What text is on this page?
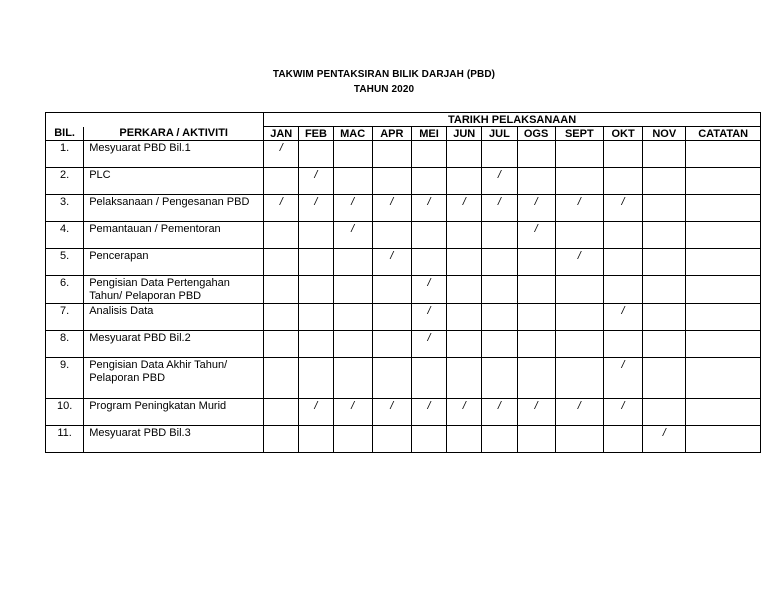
TAKWIM PENTAKSIRAN BILIK DARJAH (PBD)
TAHUN 2020
		TARIKH PELAKSANAAN											
BIL.	PERKARA / AKTIVITI	JAN	FEB	MAC	APR	MEI	JUN	JUL	OGS	SEPT	OKT	NOV	CATATAN
1.	Mesyuarat PBD Bil.1	/											
2.	PLC		/					/					
3.	Pelaksanaan / Pengesanan PBD	/	/	/	/	/	/	/	/	/	/		
4.	Pemantauan / Pementoran			/					/				
5.	Pencerapan				/					/			
6.	Pengisian Data Pertengahan Tahun/ Pelaporan PBD					/							
7.	Analisis Data					/					/		
8.	Mesyuarat PBD Bil.2					/							
9.	Pengisian Data Akhir Tahun/ Pelaporan PBD										/		
10.	Program Peningkatan Murid		/	/	/	/	/	/	/	/	/		
11.	Mesyuarat PBD Bil.3											/	
